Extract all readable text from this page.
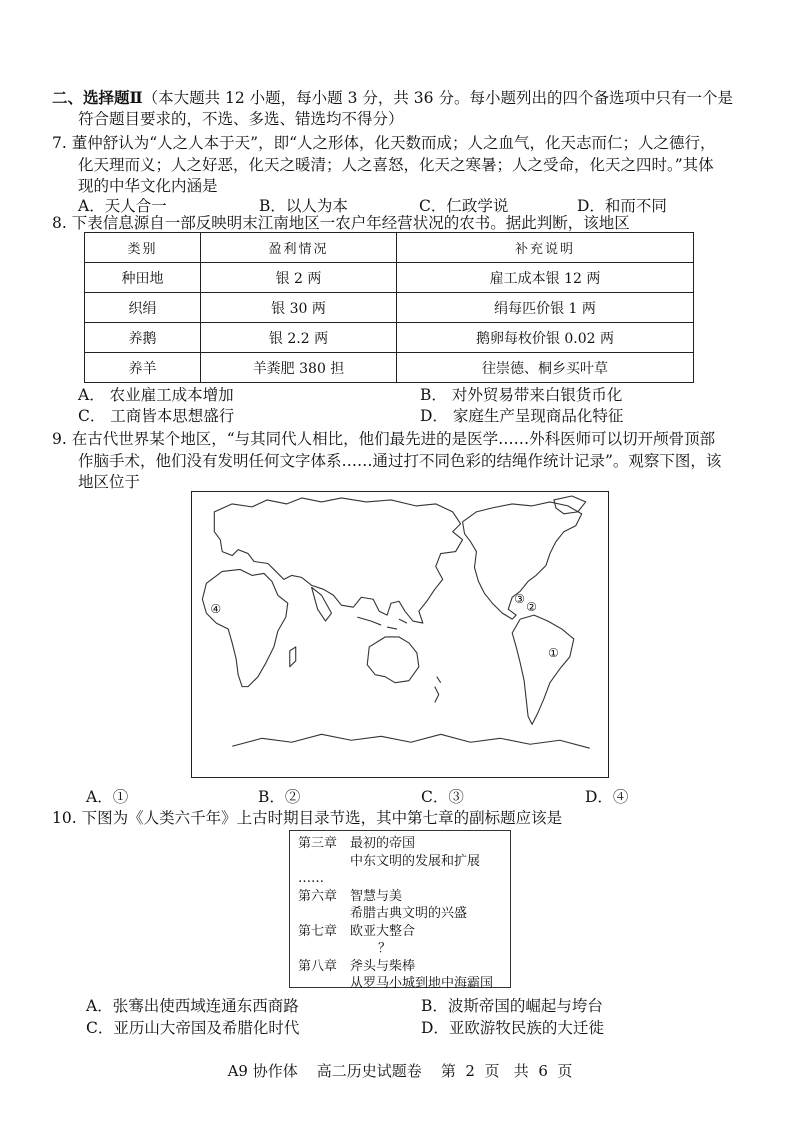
二、选择题Ⅱ（本大题共 12 小题，每小题 3 分，共 36 分。每小题列出的四个备选项中只有一个是
符合题目要求的，不选、多选、错选均不得分）
7. 董仲舒认为“人之人本于天”，即“人之形体，化天数而成；人之血气，化天志而仁；人之德行，
化天理而义；人之好恶，化天之暖清；人之喜怒，化天之寒暑；人之受命，化天之四时。”其体
现的中华文化内涵是
A．天人合一	B．以人为本	C．仁政学说	D．和而不同
8. 下表信息源自一部反映明末江南地区一农户年经营状况的农书。据此判断，该地区
类别	盈利情况	补充说明
种田地	银 2 两	雇工成本银 12 两
织绢	银 30 两	绢每匹价银 1 两
养鹅	银 2.2 两	鹅卵每枚价银 0.02 两
养羊	羊粪肥 380 担	往崇德、桐乡买叶草
A． 农业雇工成本增加	B． 对外贸易带来白银货币化
C． 工商皆本思想盛行	D． 家庭生产呈现商品化特征
9. 在古代世界某个地区，“与其同代人相比，他们最先进的是医学……外科医师可以切开颅骨顶部
作脑手术，他们没有发明任何文字体系……通过打不同色彩的结绳作统计记录”。观察下图，该
地区位于
①
②
③
④
A．①	B．②	C．③	D．④
10. 下图为《人类六千年》上古时期目录节选，其中第七章的副标题应该是
第三章 最初的帝国
中东文明的发展和扩展
……
第六章 智慧与美
希腊古典文明的兴盛
第七章 欧亚大整合
？
第八章 斧头与柴棒
从罗马小城到地中海霸国
A．张骞出使西域连通东西商路	B．波斯帝国的崛起与垮台
C．亚历山大帝国及希腊化时代	D．亚欧游牧民族的大迁徙
A9 协作体    高二历史试题卷    第  2  页   共  6  页
